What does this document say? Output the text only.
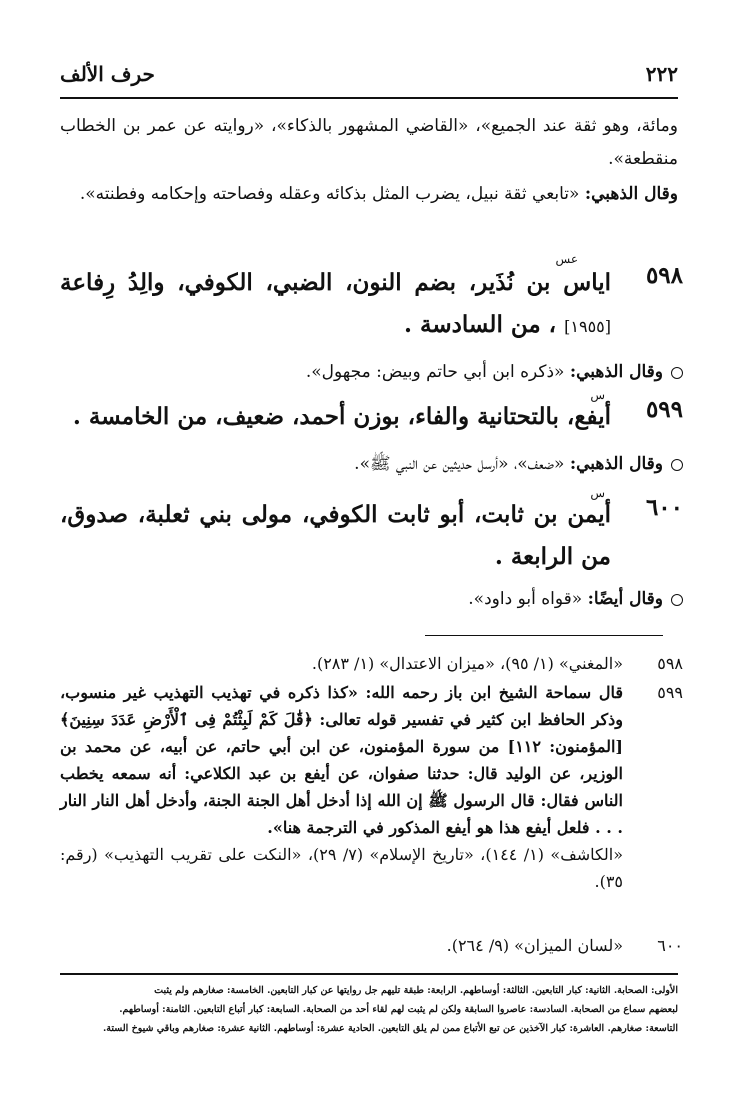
٢٢٢
حرف الألف

ومائة، وهو ثقة عند الجميع»، «القاضي المشهور بالذكاء»، «روايته عن عمر بن الخطاب منقطعة».

وقال الذهبي: «تابعي ثقة نبيل، يضرب المثل بذكائه وعقله وفصاحته وإحكامه وفطنته».

عس
٥٩٨
اياس بن نُذَير، بضم النون، الضبي، الكوفي، والِدُ رِفاعة [١٩٥٥] ، من السادسة .
وقال الذهبي: «ذكره ابن أبي حاتم وبيض: مجهول».
س
٥٩٩
أيفع، بالتحتانية والفاء، بوزن أحمد، ضعيف، من الخامسة .
وقال الذهبي: «ضعف»، «أرسل حديثين عن النبي ﷺ».
س
٦٠٠
أيمن بن ثابت، أبو ثابت الكوفي، مولى بني ثعلبة، صدوق، من الرابعة .
وقال أيضًا: «قواه أبو داود».
٥٩٨
«المغني» (١/ ٩٥)، «ميزان الاعتدال» (١/ ٢٨٣).
٥٩٩
قال سماحة الشيخ ابن باز رحمه الله: «كذا ذكره في تهذيب التهذيب غير منسوب، وذكر الحافظ ابن كثير في تفسير قوله تعالى: ﴿قَٰلَ كَمْ لَبِثْتُمْ فِى ٱلْأَرْضِ عَدَدَ سِنِينَ﴾ [المؤمنون: ١١٢] من سورة المؤمنون، عن ابن أبي حاتم، عن أبيه، عن محمد بن الوزير، عن الوليد قال: حدثنا صفوان، عن أيفع بن عبد الكلاعي: أنه سمعه يخطب الناس فقال: قال الرسول ﷺ إن الله إذا أدخل أهل الجنة الجنة، وأدخل أهل النار النار . . . فلعل أيفع هذا هو أيفع المذكور في الترجمة هنا».
«الكاشف» (١/ ١٤٤)، «تاريخ الإسلام» (٧/ ٢٩)، «النكت على تقريب التهذيب» (رقم: ٣٥).
٦٠٠
«لسان الميزان» (٩/ ٢٦٤).

الأولى: الصحابة. الثانية: كبار التابعين. الثالثة: أوساطهم. الرابعة: طبقة تليهم جل روايتها عن كبار التابعين. الخامسة: صغارهم ولم يثبت

لبعضهم سماع من الصحابة. السادسة: عاصروا السابقة ولكن لم يثبت لهم لقاء أحد من الصحابة. السابعة: كبار أتباع التابعين. الثامنة: أوساطهم.

التاسعة: صغارهم. العاشرة: كبار الآخذين عن تبع الأتباع ممن لم يلق التابعين. الحادية عشرة: أوساطهم. الثانية عشرة: صغارهم وباقي شيوخ الستة.
